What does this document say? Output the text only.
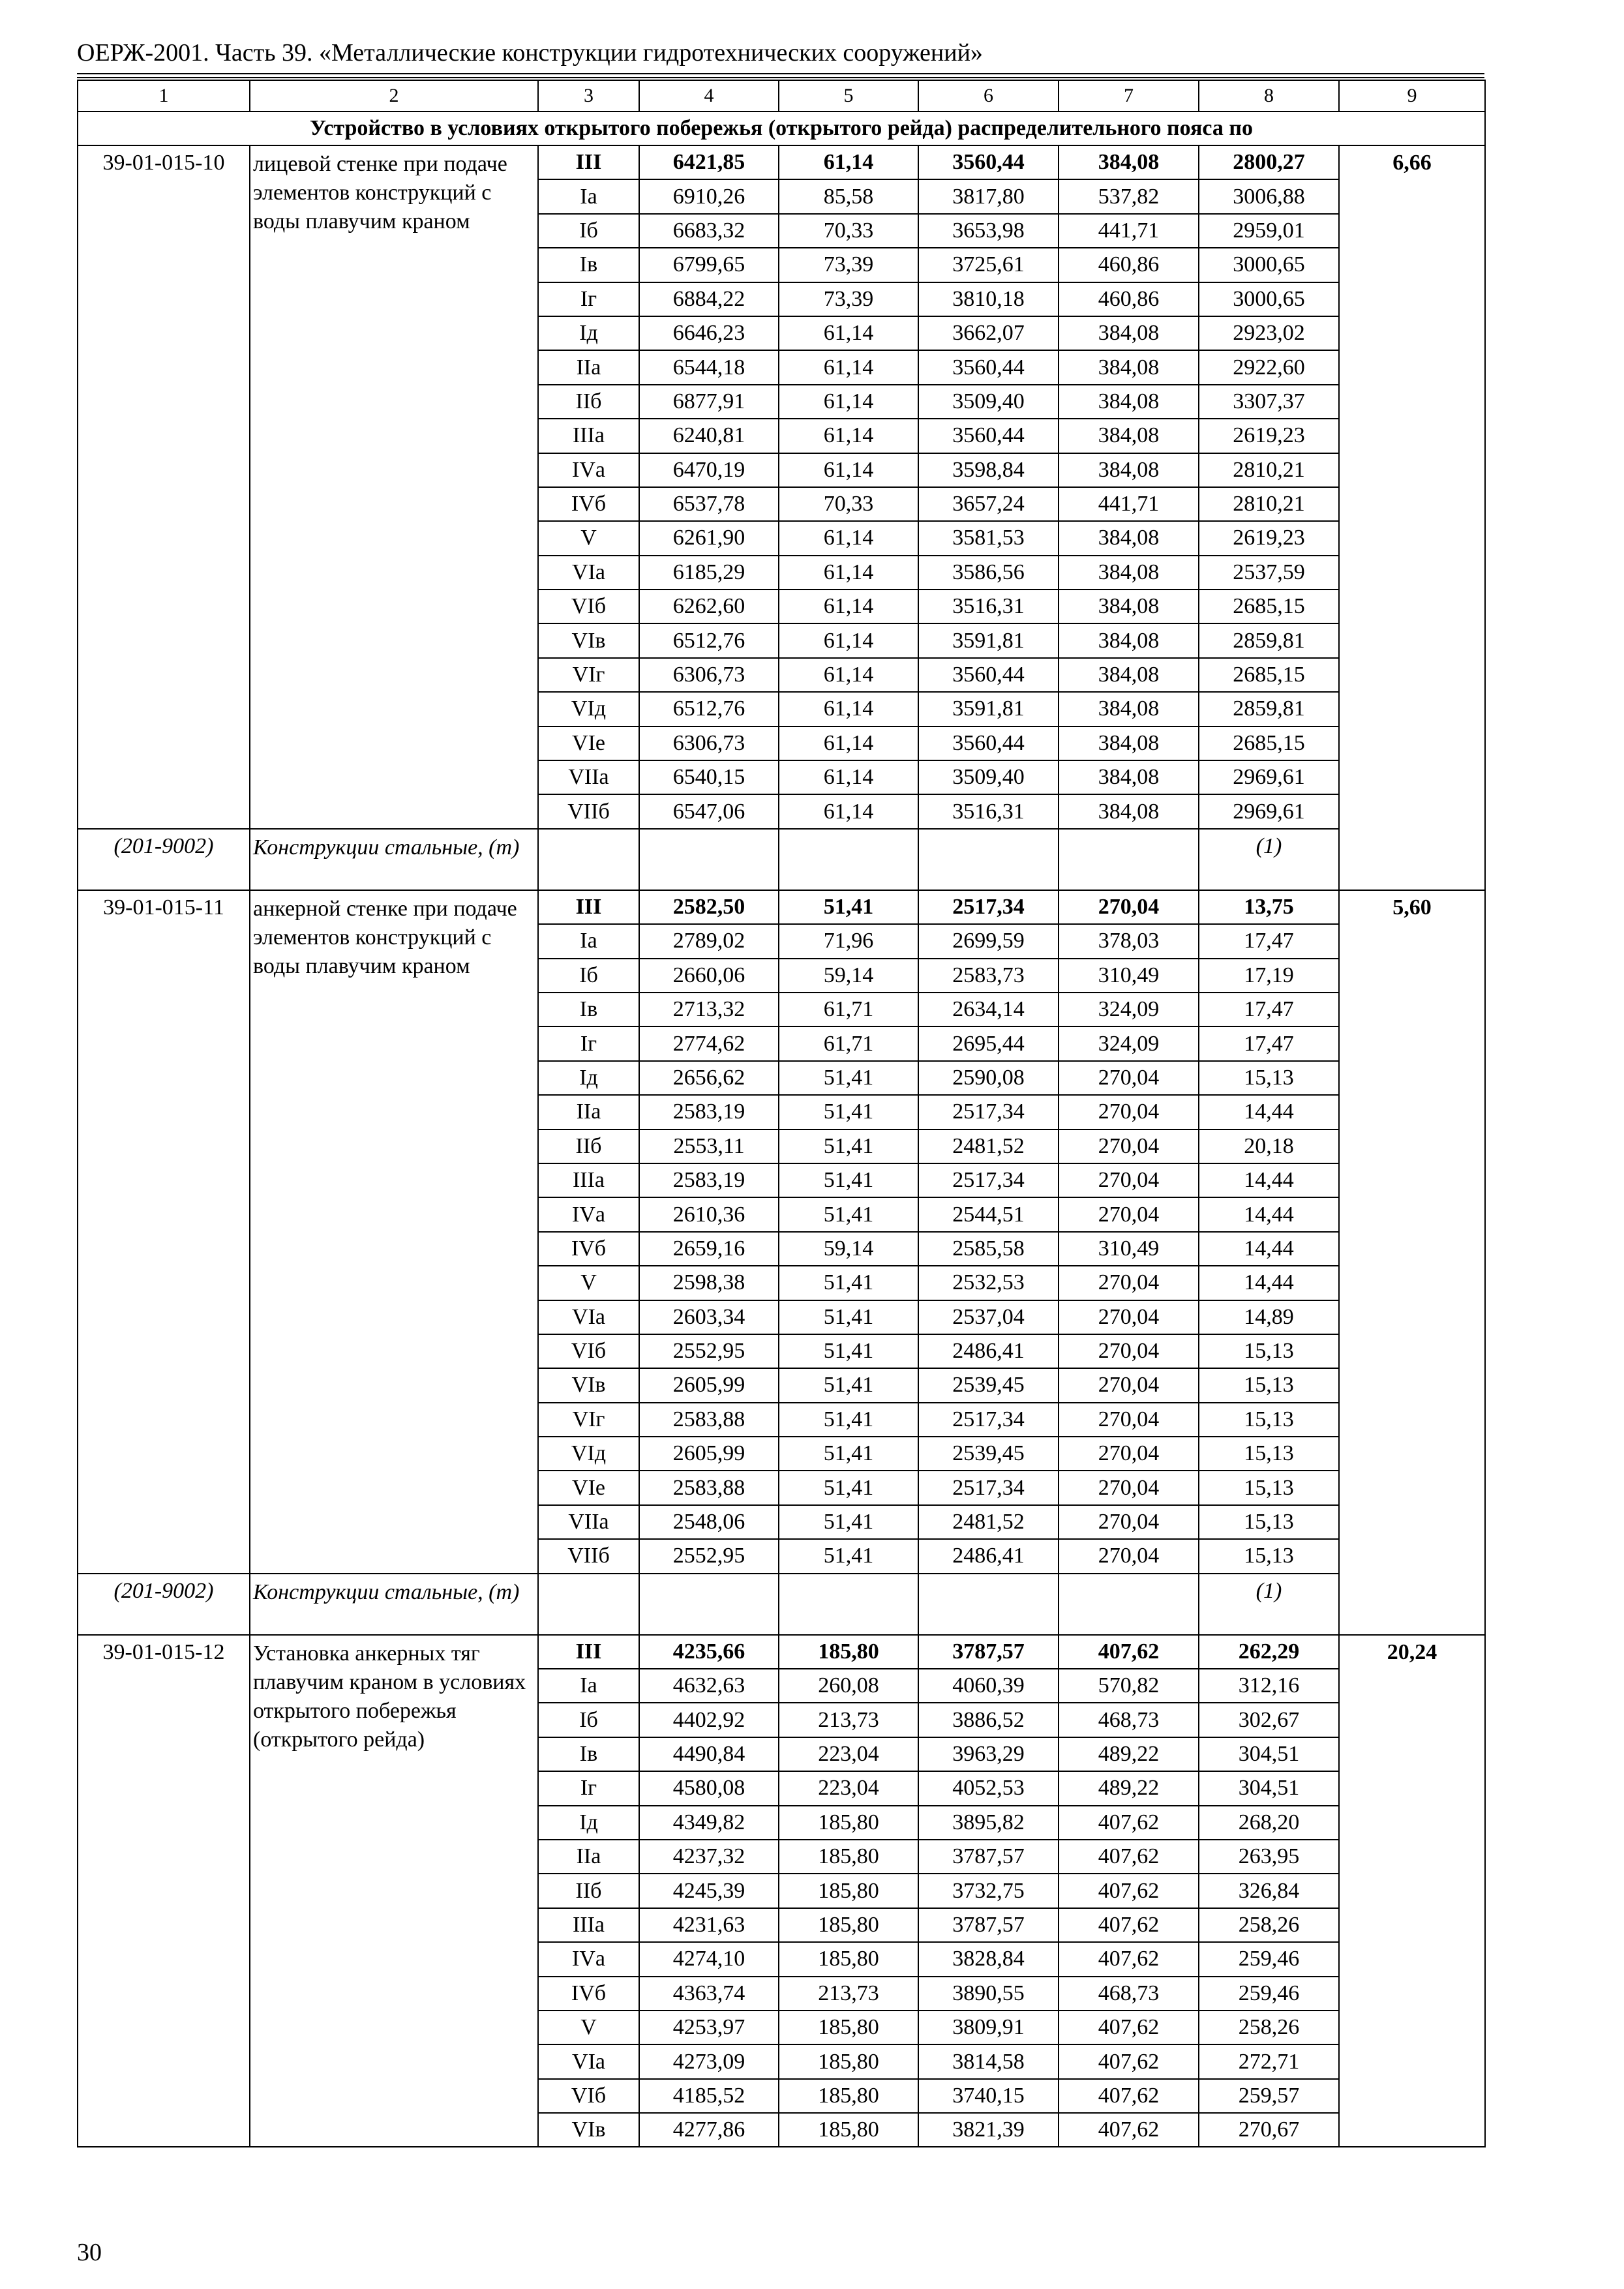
ОЕРЖ-2001. Часть 39. «Металлические конструкции гидротехнических сооружений»
1	2	3	4	5	6	7	8	9
Устройство в условиях открытого побережья (открытого рейда) распределительного пояса по								
39-01-015-10	лицевой стенке при подаче элементов конструкций с воды плавучим краном	III	6421,85	61,14	3560,44	384,08	2800,27	6,66
		Iа	6910,26	85,58	3817,80	537,82	3006,88	
		Iб	6683,32	70,33	3653,98	441,71	2959,01	
		Iв	6799,65	73,39	3725,61	460,86	3000,65	
		Iг	6884,22	73,39	3810,18	460,86	3000,65	
		Iд	6646,23	61,14	3662,07	384,08	2923,02	
		IIа	6544,18	61,14	3560,44	384,08	2922,60	
		IIб	6877,91	61,14	3509,40	384,08	3307,37	
		IIIа	6240,81	61,14	3560,44	384,08	2619,23	
		IVа	6470,19	61,14	3598,84	384,08	2810,21	
		IVб	6537,78	70,33	3657,24	441,71	2810,21	
		V	6261,90	61,14	3581,53	384,08	2619,23	
		VIа	6185,29	61,14	3586,56	384,08	2537,59	
		VIб	6262,60	61,14	3516,31	384,08	2685,15	
		VIв	6512,76	61,14	3591,81	384,08	2859,81	
		VIг	6306,73	61,14	3560,44	384,08	2685,15	
		VIд	6512,76	61,14	3591,81	384,08	2859,81	
		VIе	6306,73	61,14	3560,44	384,08	2685,15	
		VIIа	6540,15	61,14	3509,40	384,08	2969,61	
		VIIб	6547,06	61,14	3516,31	384,08	2969,61	

(201-9002)	Конструкции стальные, (т)						(1)	

39-01-015-11	анкерной стенке при подаче элементов конструкций с воды плавучим краном	III	2582,50	51,41	2517,34	270,04	13,75	5,60
		Iа	2789,02	71,96	2699,59	378,03	17,47	
		Iб	2660,06	59,14	2583,73	310,49	17,19	
		Iв	2713,32	61,71	2634,14	324,09	17,47	
		Iг	2774,62	61,71	2695,44	324,09	17,47	
		Iд	2656,62	51,41	2590,08	270,04	15,13	
		IIа	2583,19	51,41	2517,34	270,04	14,44	
		IIб	2553,11	51,41	2481,52	270,04	20,18	
		IIIа	2583,19	51,41	2517,34	270,04	14,44	
		IVа	2610,36	51,41	2544,51	270,04	14,44	
		IVб	2659,16	59,14	2585,58	310,49	14,44	
		V	2598,38	51,41	2532,53	270,04	14,44	
		VIа	2603,34	51,41	2537,04	270,04	14,89	
		VIб	2552,95	51,41	2486,41	270,04	15,13	
		VIв	2605,99	51,41	2539,45	270,04	15,13	
		VIг	2583,88	51,41	2517,34	270,04	15,13	
		VIд	2605,99	51,41	2539,45	270,04	15,13	
		VIе	2583,88	51,41	2517,34	270,04	15,13	
		VIIа	2548,06	51,41	2481,52	270,04	15,13	
		VIIб	2552,95	51,41	2486,41	270,04	15,13	

(201-9002)	Конструкции стальные, (т)						(1)	

39-01-015-12	Установка анкерных тяг плавучим краном в условиях открытого побережья (открытого рейда)	III	4235,66	185,80	3787,57	407,62	262,29	20,24
		Iа	4632,63	260,08	4060,39	570,82	312,16	
		Iб	4402,92	213,73	3886,52	468,73	302,67	
		Iв	4490,84	223,04	3963,29	489,22	304,51	
		Iг	4580,08	223,04	4052,53	489,22	304,51	
		Iд	4349,82	185,80	3895,82	407,62	268,20	
		IIа	4237,32	185,80	3787,57	407,62	263,95	
		IIб	4245,39	185,80	3732,75	407,62	326,84	
		IIIа	4231,63	185,80	3787,57	407,62	258,26	
		IVа	4274,10	185,80	3828,84	407,62	259,46	
		IVб	4363,74	213,73	3890,55	468,73	259,46	
		V	4253,97	185,80	3809,91	407,62	258,26	
		VIа	4273,09	185,80	3814,58	407,62	272,71	
		VIб	4185,52	185,80	3740,15	407,62	259,57	
		VIв	4277,86	185,80	3821,39	407,62	270,67	
30
